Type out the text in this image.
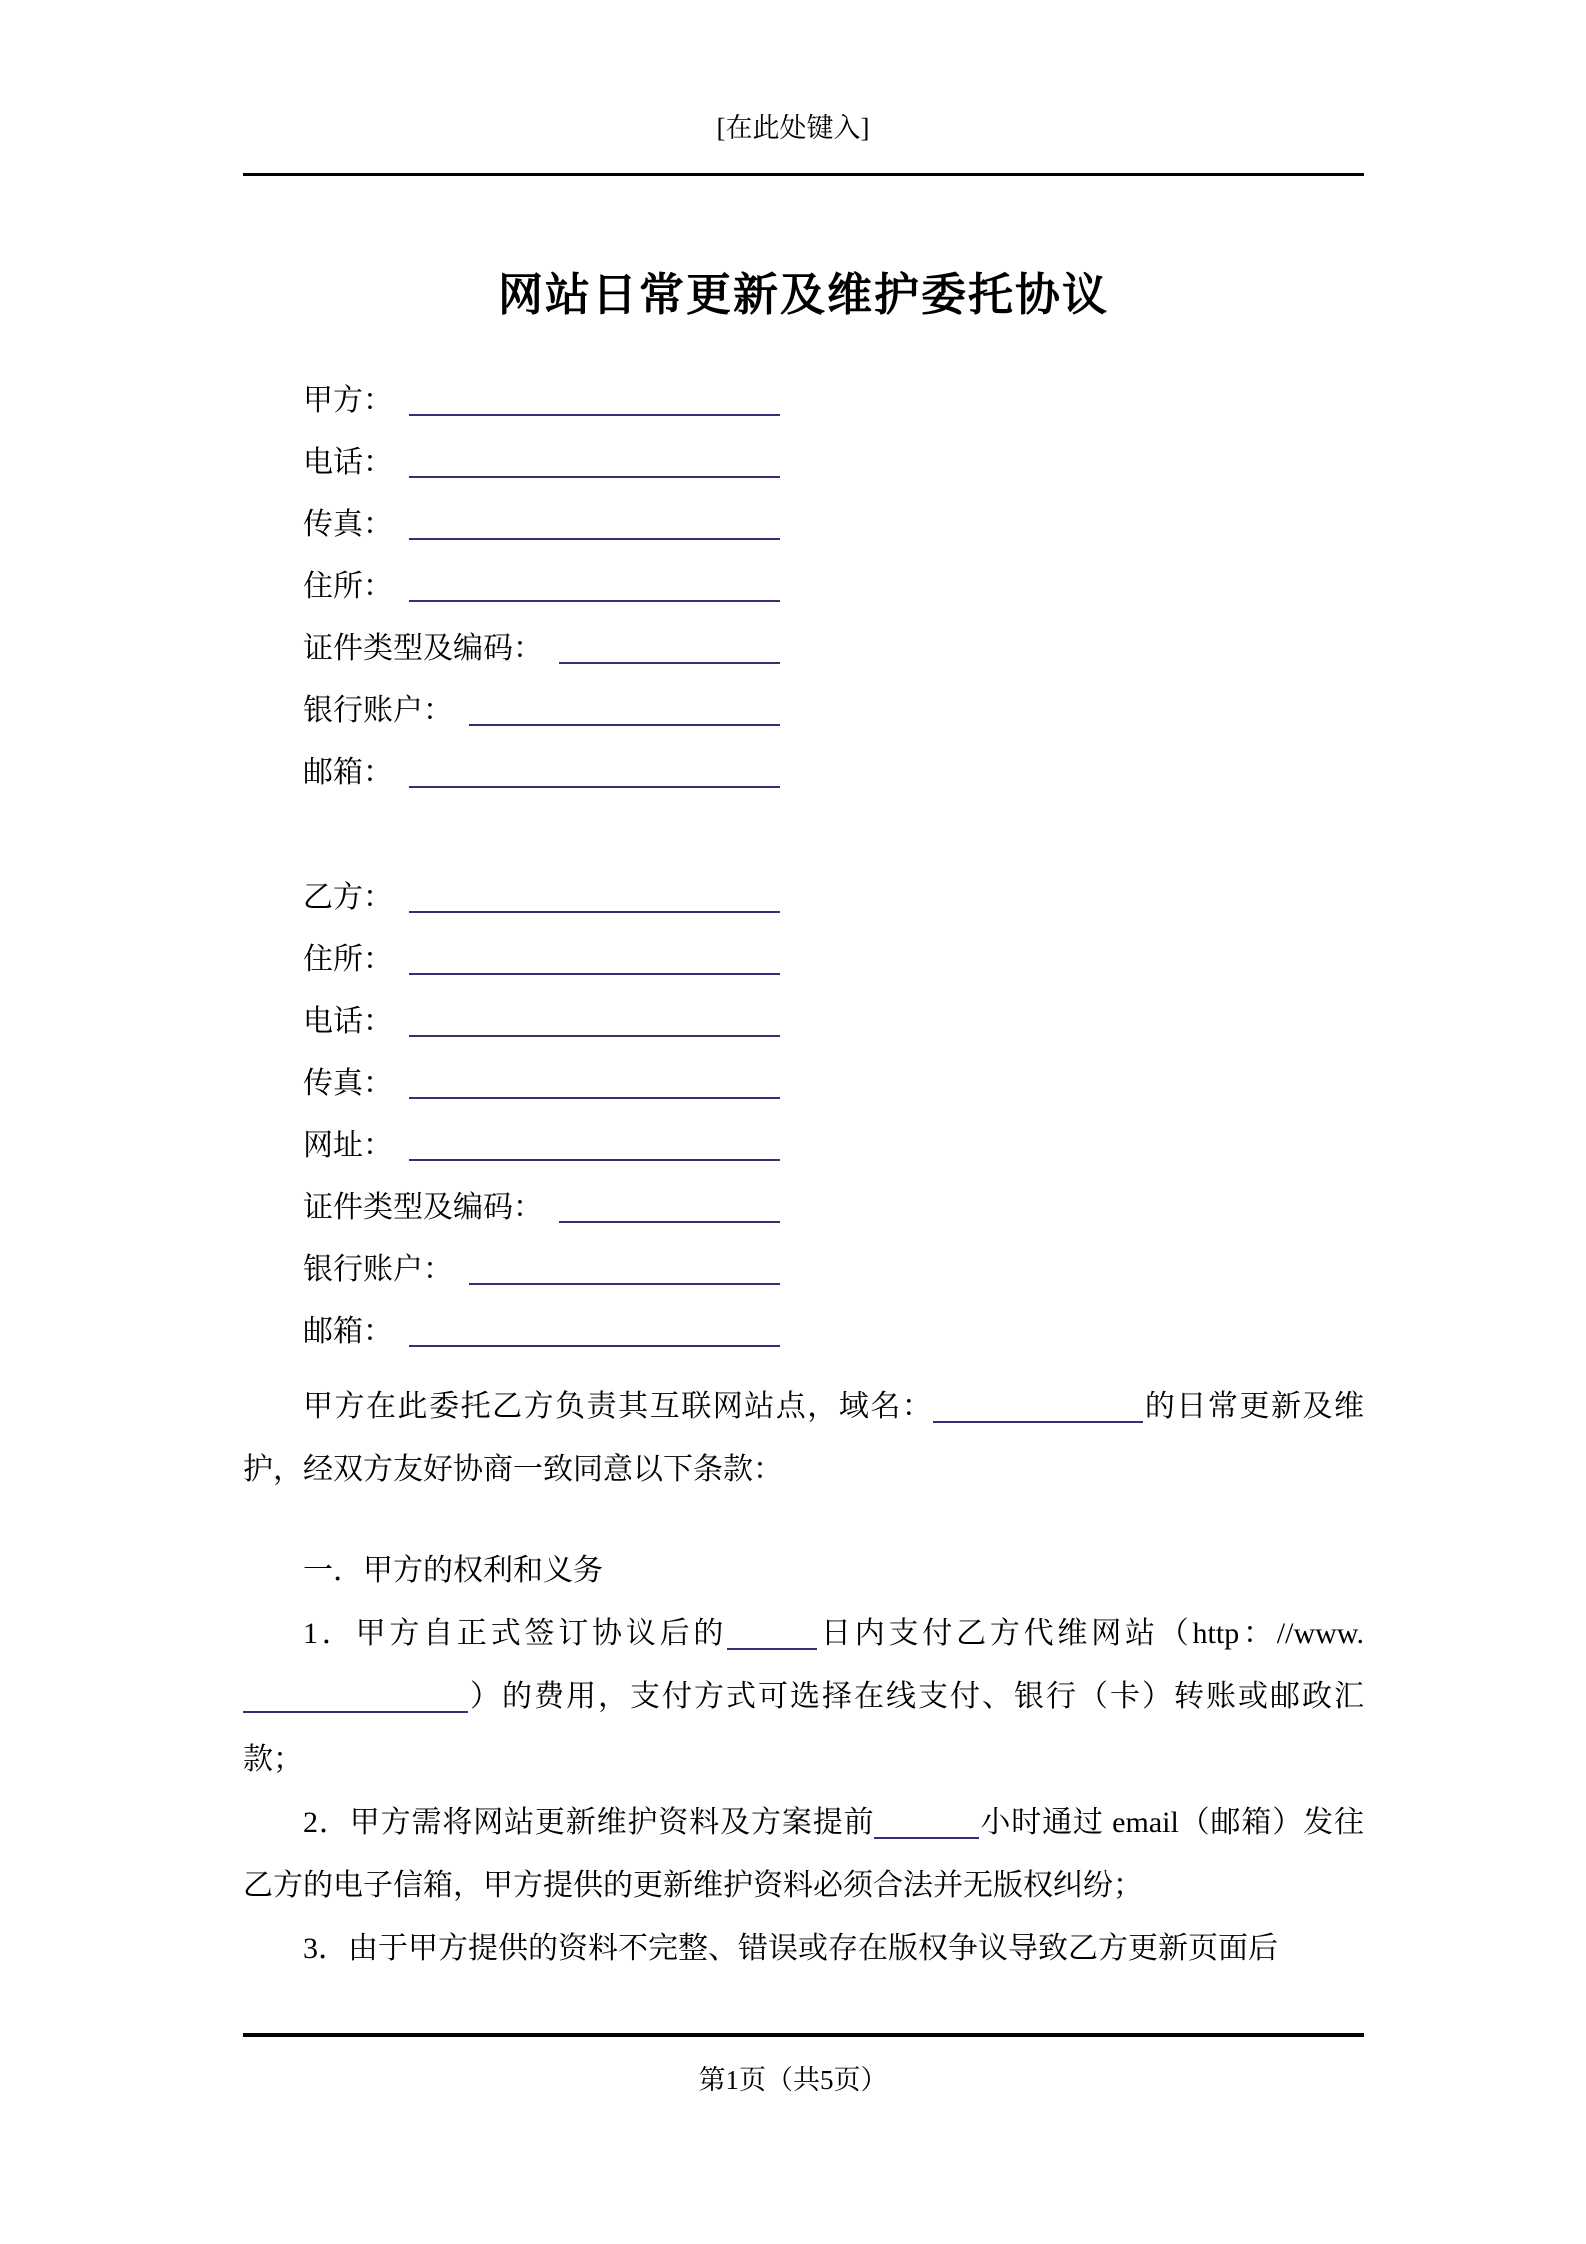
[在此处键入]
网站日常更新及维护委托协议
甲方：
电话：
传真：
住所：
证件类型及编码：
银行账户：
邮箱：
乙方：
住所：
电话：
传真：
网址：
证件类型及编码：
银行账户：
邮箱：

甲方在此委托乙方负责其互联网站点，域名：	的日常更新及维护，经双方友好协商一致同意以下条款：

一．甲方的权利和义务

1．甲方自正式签订协议后的	日内支付乙方代维网站（http：//www.）的费用，支付方式可选择在线支付、银行（卡）转账或邮政汇款；

2．甲方需将网站更新维护资料及方案提前	小时通过 email（邮箱）发往乙方的电子信箱，甲方提供的更新维护资料必须合法并无版权纠纷；

3．由于甲方提供的资料不完整、错误或存在版权争议导致乙方更新页面后

第1页（共5页）
